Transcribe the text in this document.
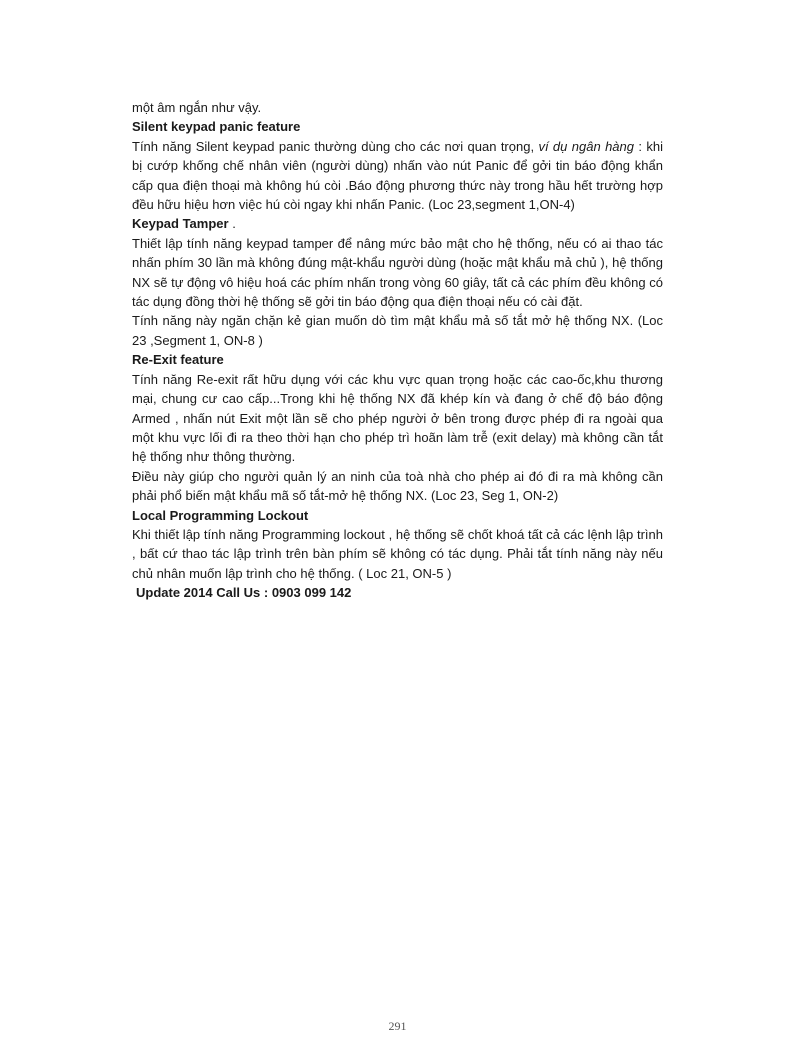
một âm ngắn như vậy.

Silent keypad panic feature

Tính năng Silent keypad panic thường dùng cho các nơi quan trọng, ví dụ ngân hàng : khi bị cướp khống chế nhân viên (người dùng) nhấn vào nút Panic để gởi tin báo động khẩn cấp qua điện thoại mà không hú còi .Báo động phương thức này trong hầu hết trường hợp đều hữu hiệu hơn việc hú còi ngay khi nhấn Panic. (Loc 23,segment 1,ON-4)

Keypad Tamper .

Thiết lập tính năng keypad tamper để nâng mức bảo mật cho hệ thống, nếu có ai thao tác nhấn phím 30 lần mà không đúng mật-khẩu người dùng (hoặc mật khẩu mả chủ ), hệ thống NX sẽ tự động vô hiệu hoá các phím nhấn trong vòng 60 giây, tất cả các phím đều không có tác dụng đồng thời hệ thống sẽ gởi tin báo động qua điện thoại nếu có cài đặt.

Tính năng này ngăn chặn kẻ gian muốn dò tìm mật khẩu mả số tắt mở hệ thống NX. (Loc 23 ,Segment 1, ON-8 )

Re-Exit feature

Tính năng Re-exit rất hữu dụng với các khu vực quan trọng hoặc các cao-ốc,khu thương mại, chung cư cao cấp...Trong khi hệ thống NX đã khép kín và đang ở chế độ báo động Armed , nhấn nút Exit một lần sẽ cho phép người ở bên trong được phép đi ra ngoài qua một khu vực lối đi ra theo thời hạn cho phép trì hoãn làm trễ (exit delay) mà không cần tắt hệ thống như thông thường.

Điều này giúp cho người quản lý an ninh của toà nhà cho phép ai đó đi ra mà không cần phải phổ biến mật khẩu mã số tắt-mở hệ thống NX. (Loc 23, Seg 1, ON-2)

Local Programming Lockout

Khi thiết lập tính năng Programming lockout , hệ thống sẽ chốt khoá tất cả các lệnh lập trình , bất cứ thao tác lập trình trên bàn phím sẽ không có tác dụng. Phải tắt tính năng này nếu chủ nhân muốn lập trình cho hệ thống. ( Loc 21, ON-5 )

Update 2014 Call Us : 0903 099 142

291
